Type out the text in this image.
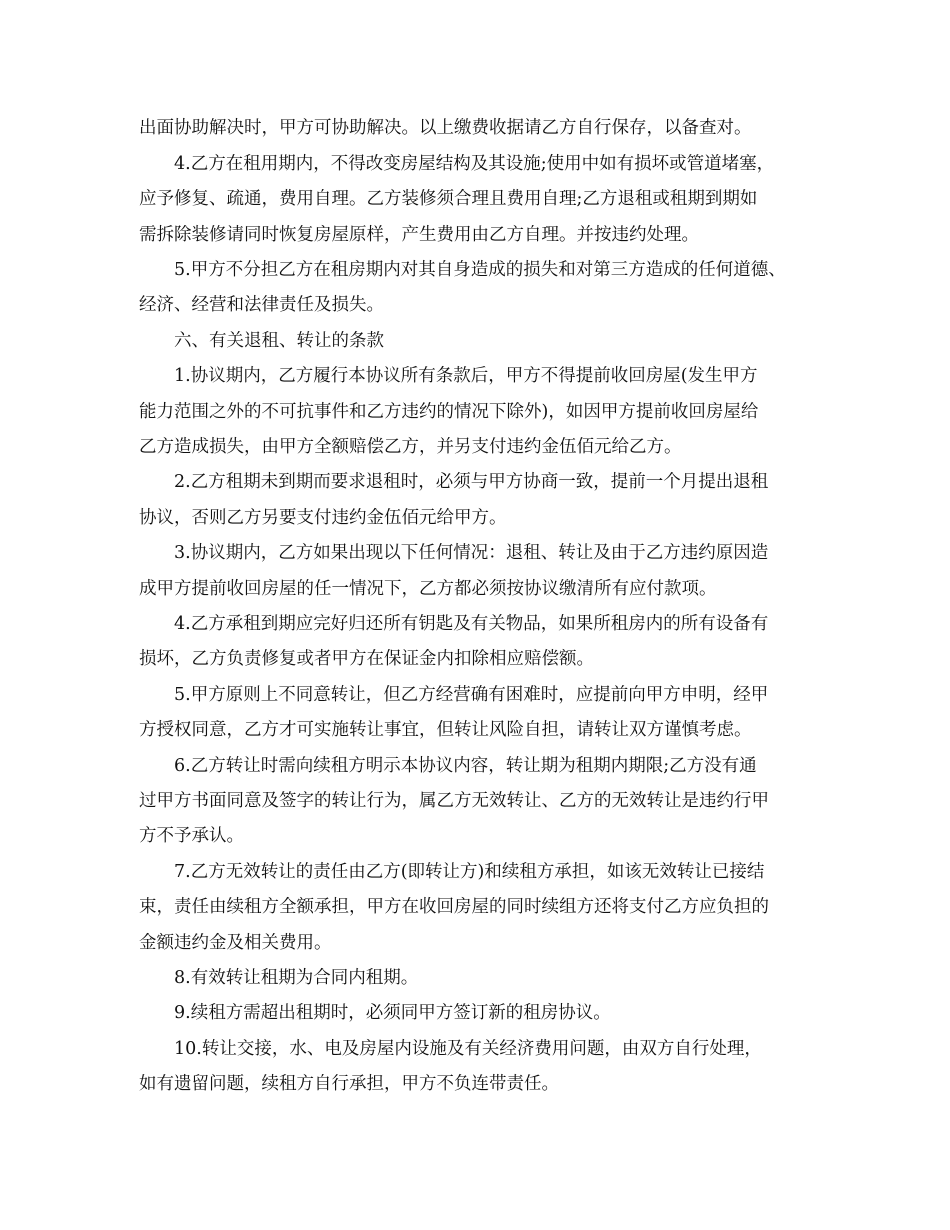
出面协助解决时，甲方可协助解决。以上缴费收据请乙方自行保存，以备查对。
4.乙方在租用期内，不得改变房屋结构及其设施;使用中如有损坏或管道堵塞，
应予修复、疏通，费用自理。乙方装修须合理且费用自理;乙方退租或租期到期如
需拆除装修请同时恢复房屋原样，产生费用由乙方自理。并按违约处理。
5.甲方不分担乙方在租房期内对其自身造成的损失和对第三方造成的任何道德、
经济、经营和法律责任及损失。
六、有关退租、转让的条款
1.协议期内，乙方履行本协议所有条款后，甲方不得提前收回房屋(发生甲方
能力范围之外的不可抗事件和乙方违约的情况下除外)，如因甲方提前收回房屋给
乙方造成损失，由甲方全额赔偿乙方，并另支付违约金伍佰元给乙方。
2.乙方租期未到期而要求退租时，必须与甲方协商一致，提前一个月提出退租
协议，否则乙方另要支付违约金伍佰元给甲方。
3.协议期内，乙方如果出现以下任何情况：退租、转让及由于乙方违约原因造
成甲方提前收回房屋的任一情况下，乙方都必须按协议缴清所有应付款项。
4.乙方承租到期应完好归还所有钥匙及有关物品，如果所租房内的所有设备有
损坏，乙方负责修复或者甲方在保证金内扣除相应赔偿额。
5.甲方原则上不同意转让，但乙方经营确有困难时，应提前向甲方申明，经甲
方授权同意，乙方才可实施转让事宜，但转让风险自担，请转让双方谨慎考虑。
6.乙方转让时需向续租方明示本协议内容，转让期为租期内期限;乙方没有通
过甲方书面同意及签字的转让行为，属乙方无效转让、乙方的无效转让是违约行甲
方不予承认。
7.乙方无效转让的责任由乙方(即转让方)和续租方承担，如该无效转让已接结
束，责任由续租方全额承担，甲方在收回房屋的同时续组方还将支付乙方应负担的
金额违约金及相关费用。
8.有效转让租期为合同内租期。
9.续租方需超出租期时，必须同甲方签订新的租房协议。
10.转让交接，水、电及房屋内设施及有关经济费用问题，由双方自行处理，
如有遗留问题，续租方自行承担，甲方不负连带责任。
